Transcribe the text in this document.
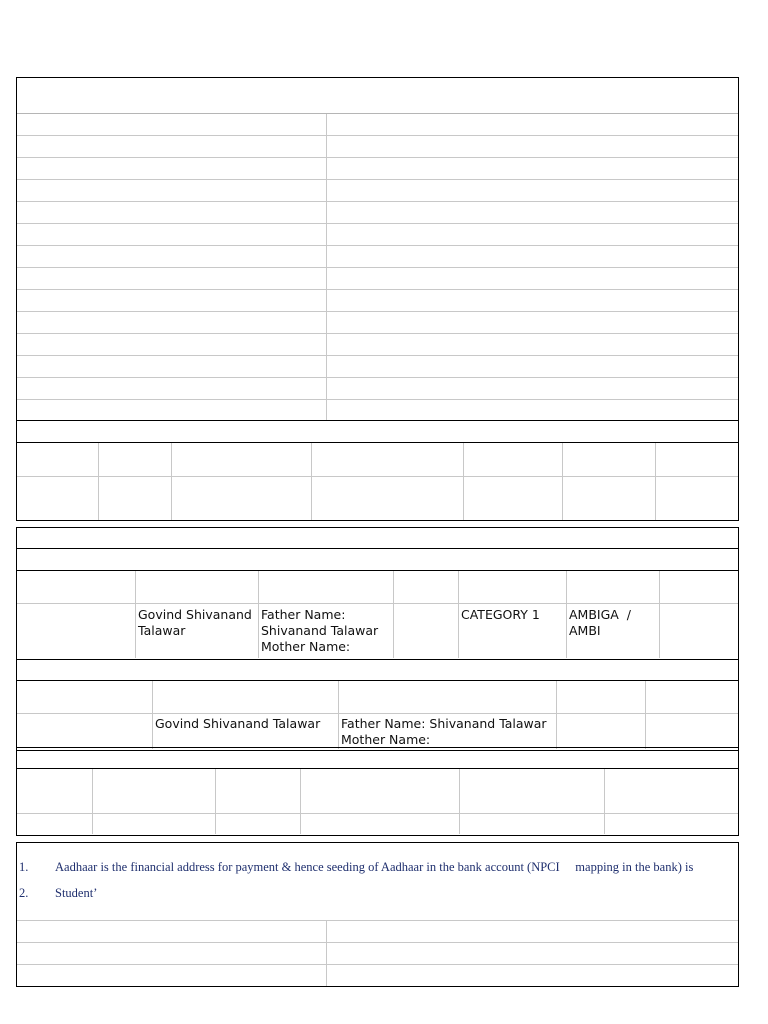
Govind Shivanand Talawar
Father Name:
Shivanand Talawar
Mother Name:
CATEGORY 1 AMBIGA  /
AMBI
Govind Shivanand Talawar Father Name: Shivanand Talawar
Mother Name:
1. Aadhaar is the financial address for payment & hence seeding of Aadhaar in the bank account (NPCI     mapping in the bank) is
2. Student’
